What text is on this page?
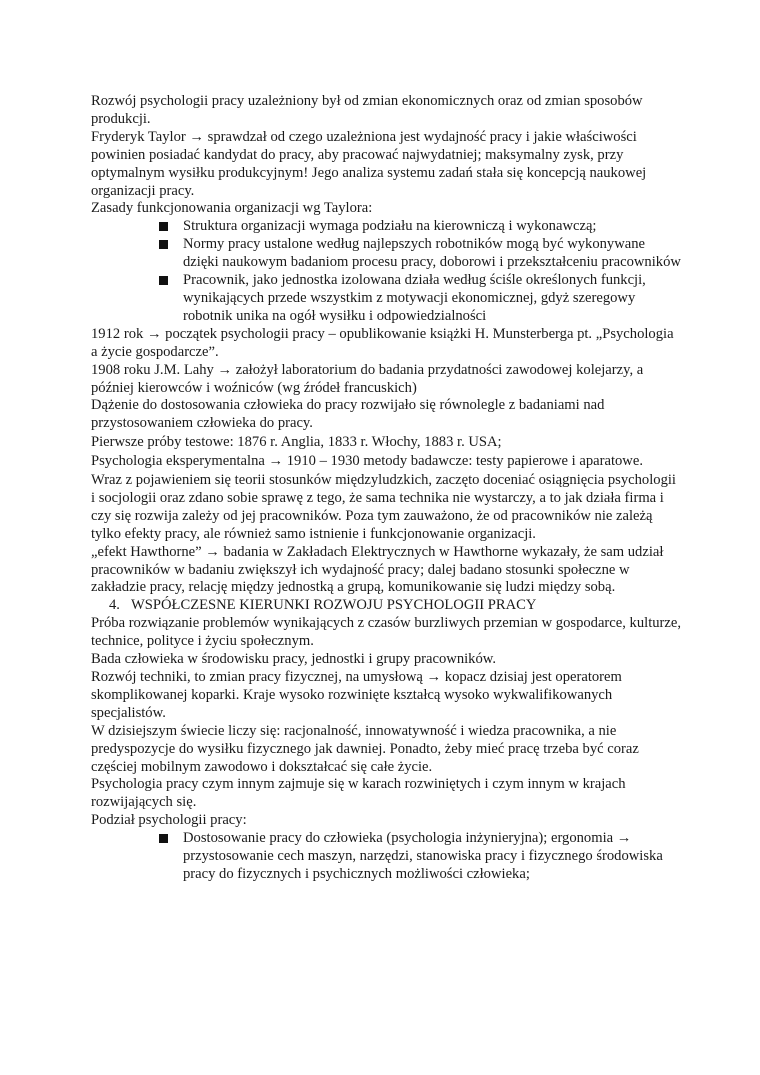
Rozwój psychologii pracy uzależniony był od zmian ekonomicznych oraz od zmian sposobów produkcji.

Fryderyk Taylor → sprawdzał od czego uzależniona jest wydajność pracy i jakie właściwości powinien posiadać kandydat do pracy, aby pracować najwydatniej; maksymalny zysk, przy optymalnym wysiłku produkcyjnym! Jego analiza systemu zadań stała się koncepcją naukowej organizacji pracy.

Zasady funkcjonowania organizacji wg Taylora:

Struktura organizacji wymaga podziału na kierowniczą i wykonawczą;
Normy pracy ustalone według najlepszych robotników mogą być wykonywane dzięki naukowym badaniom procesu pracy, doborowi i przekształceniu pracowników
Pracownik, jako jednostka izolowana działa według ściśle określonych funkcji, wynikających przede wszystkim z motywacji ekonomicznej, gdyż szeregowy robotnik unika na ogół wysiłku i odpowiedzialności

1912 rok → początek psychologii pracy – opublikowanie książki H. Munsterberga pt. „Psychologia a życie gospodarcze”.

1908 roku J.M. Lahy → założył laboratorium do badania przydatności zawodowej kolejarzy, a później kierowców i woźniców (wg źródeł francuskich)

Dążenie do dostosowania człowieka do pracy rozwijało się równolegle z badaniami nad przystosowaniem człowieka do pracy.

Pierwsze próby testowe: 1876 r. Anglia, 1833 r. Włochy, 1883 r. USA;

Psychologia eksperymentalna → 1910 – 1930 metody badawcze: testy papierowe i aparatowe.

Wraz z pojawieniem się teorii stosunków międzyludzkich, zaczęto doceniać osiągnięcia psychologii i socjologii oraz zdano sobie sprawę z tego, że sama technika nie wystarczy, a to jak działa firma i czy się rozwija zależy od jej pracowników. Poza tym zauważono, że od pracowników nie zależą tylko efekty pracy, ale również samo istnienie i funkcjonowanie organizacji.

„efekt Hawthorne” → badania w Zakładach Elektrycznych w Hawthorne wykazały, że sam udział pracowników w badaniu zwiększył ich wydajność pracy; dalej badano stosunki społeczne w zakładzie pracy, relację między jednostką a grupą, komunikowanie się ludzi między sobą.

4. WSPÓŁCZESNE KIERUNKI ROZWOJU PSYCHOLOGII PRACY

Próba rozwiązanie problemów wynikających z czasów burzliwych przemian w gospodarce, kulturze, technice, polityce i życiu społecznym.

Bada człowieka w środowisku pracy, jednostki i grupy pracowników.

Rozwój techniki, to zmian pracy fizycznej, na umysłową → kopacz dzisiaj jest operatorem skomplikowanej koparki. Kraje wysoko rozwinięte kształcą wysoko wykwalifikowanych specjalistów.

W dzisiejszym świecie liczy się: racjonalność, innowatywność i wiedza pracownika, a nie predyspozycje do wysiłku fizycznego jak dawniej. Ponadto, żeby mieć pracę trzeba być coraz częściej mobilnym zawodowo i dokształcać się całe życie.

Psychologia pracy czym innym zajmuje się w karach rozwiniętych i czym innym w krajach rozwijających się.

Podział psychologii pracy:

Dostosowanie pracy do człowieka (psychologia inżynieryjna); ergonomia → przystosowanie cech maszyn, narzędzi, stanowiska pracy i fizycznego środowiska pracy do fizycznych i psychicznych możliwości człowieka;
